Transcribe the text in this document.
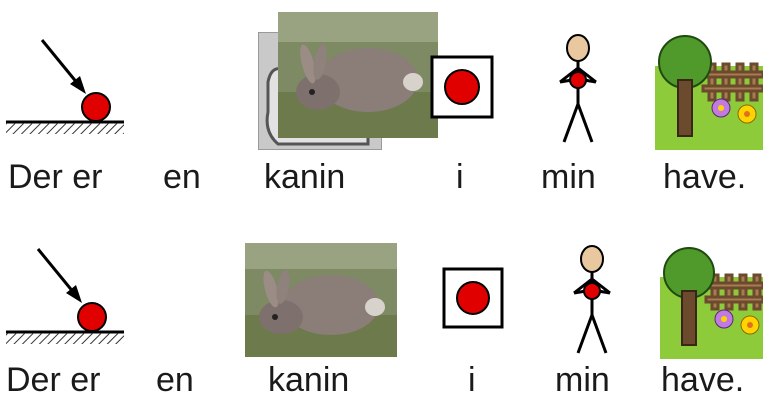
Der er en kanin	i min have.
Der er en kanin	i min have.
